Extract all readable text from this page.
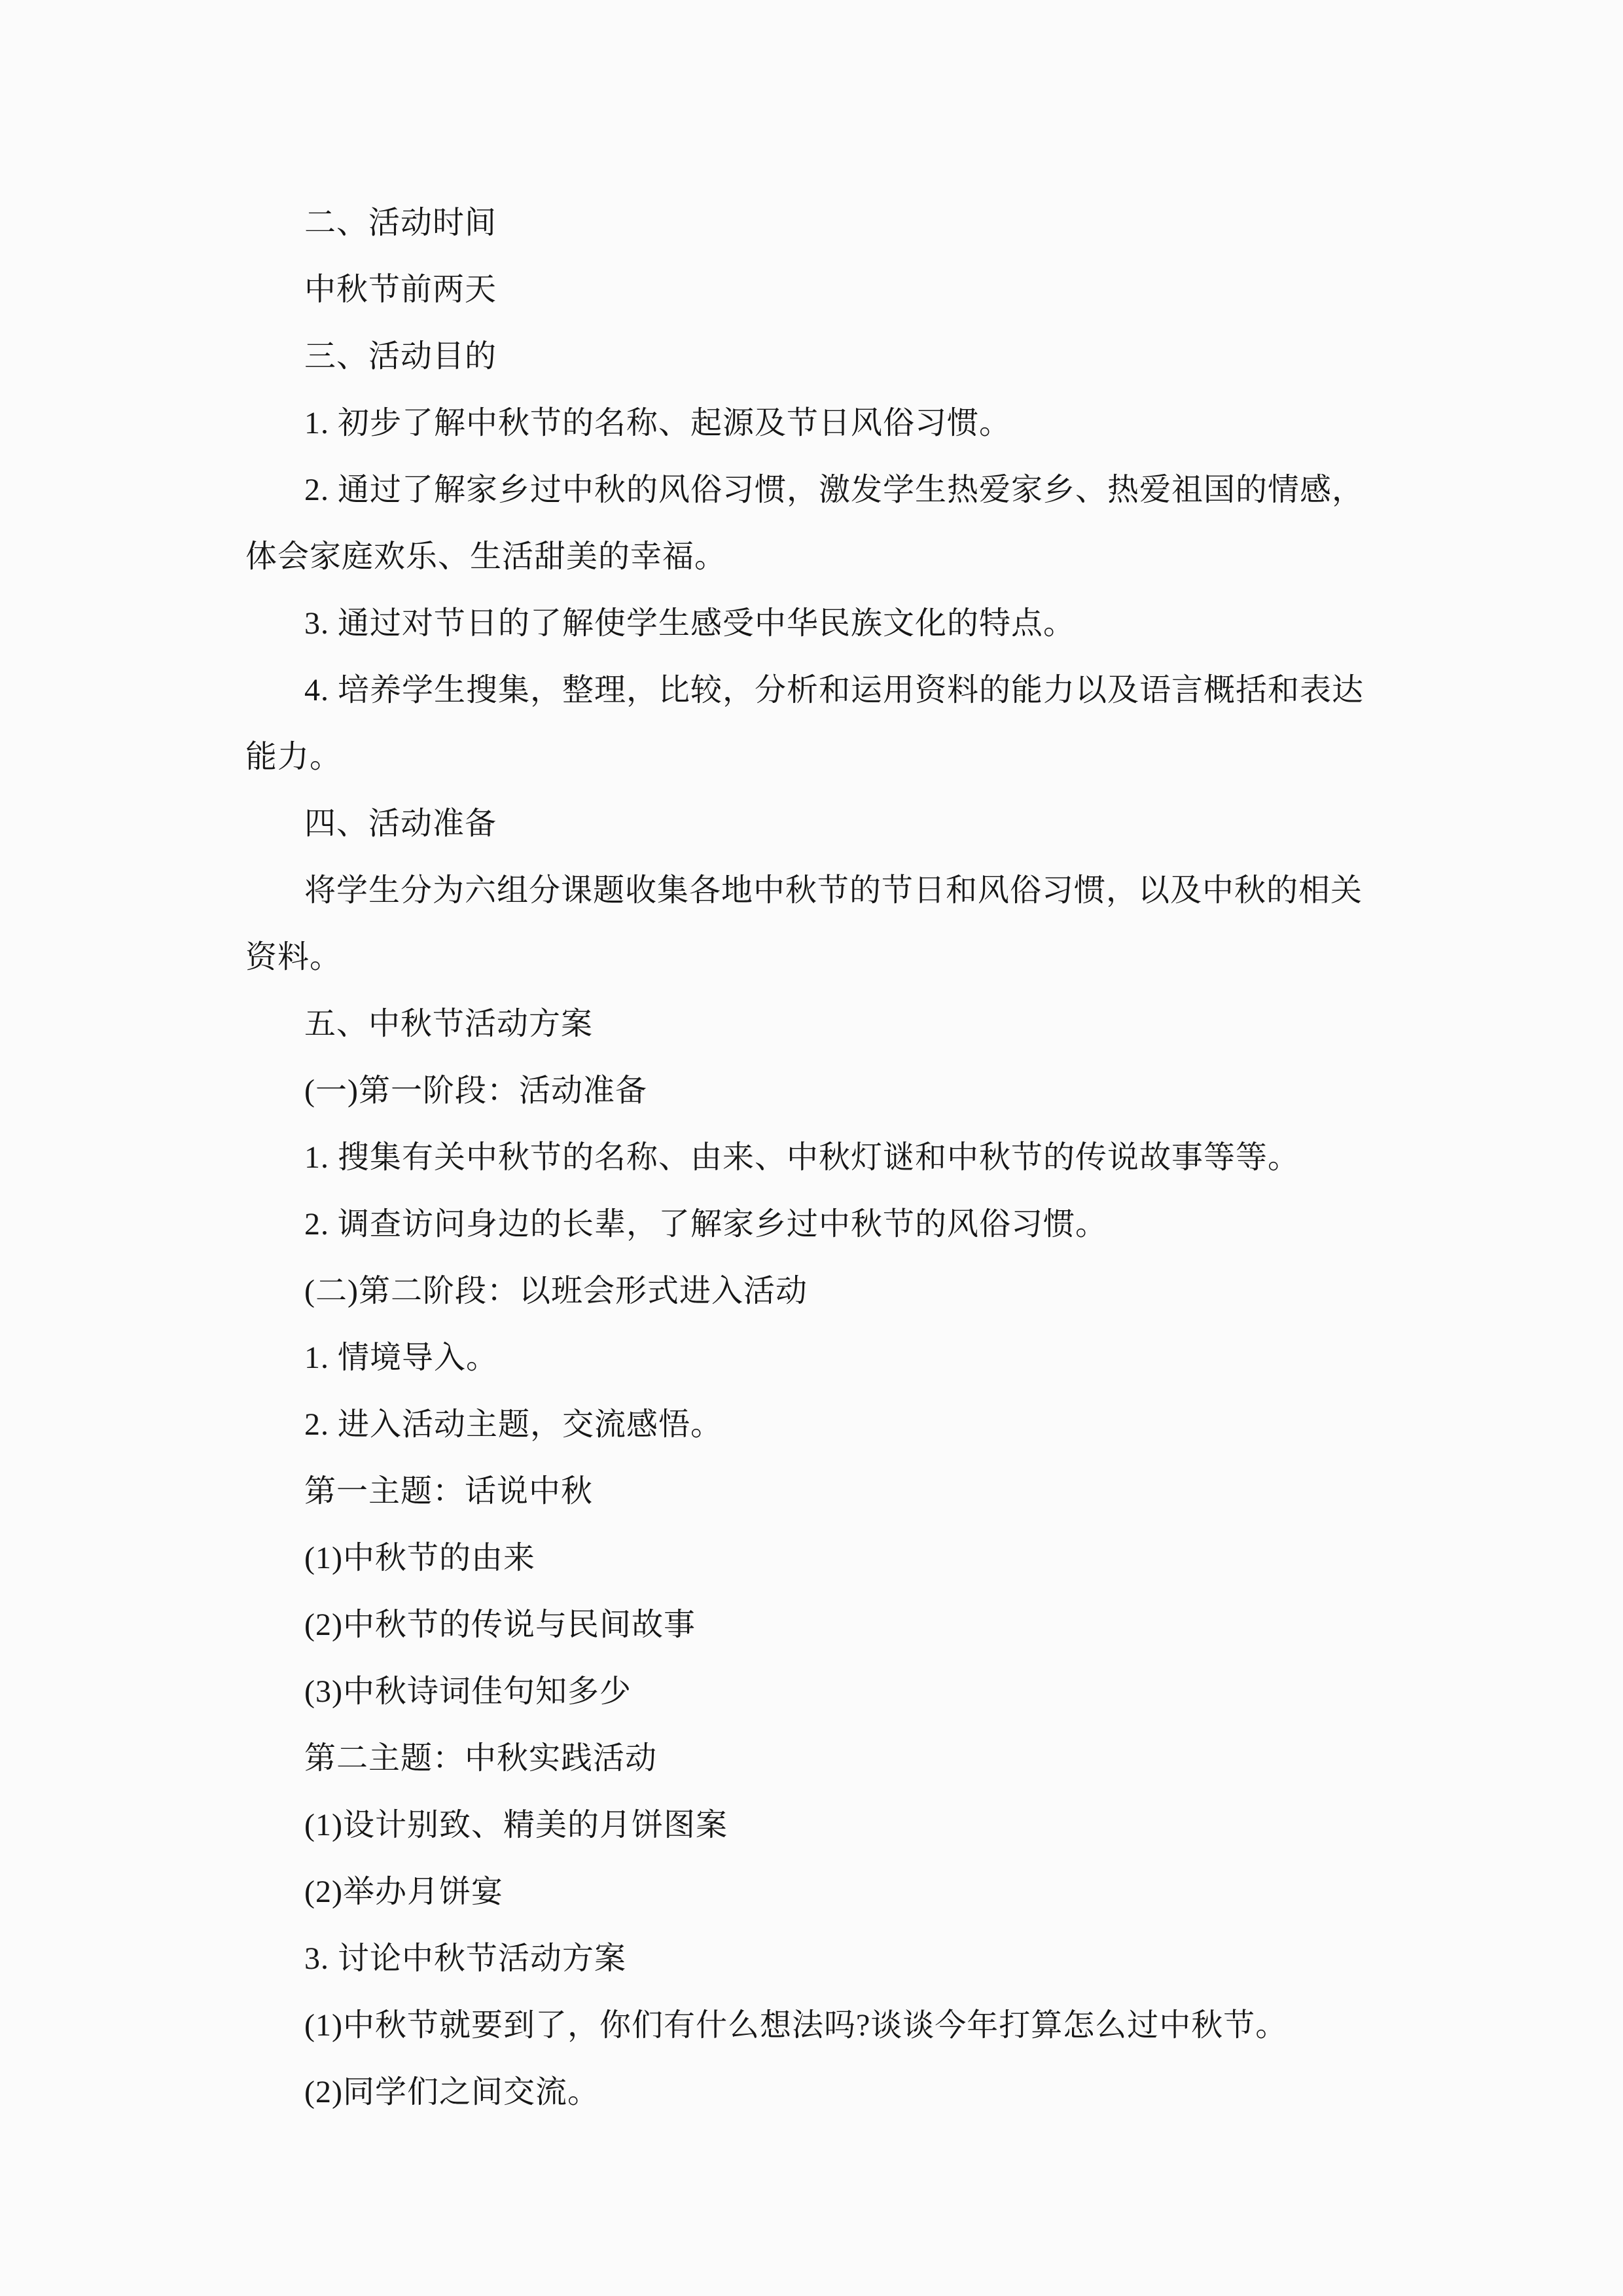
二、活动时间
中秋节前两天
三、活动目的
1. 初步了解中秋节的名称、起源及节日风俗习惯。
2. 通过了解家乡过中秋的风俗习惯，激发学生热爱家乡、热爱祖国的情感，
体会家庭欢乐、生活甜美的幸福。
3. 通过对节日的了解使学生感受中华民族文化的特点。
4. 培养学生搜集，整理，比较，分析和运用资料的能力以及语言概括和表达
能力。
四、活动准备
将学生分为六组分课题收集各地中秋节的节日和风俗习惯，以及中秋的相关
资料。
五、中秋节活动方案
(一)第一阶段：活动准备
1. 搜集有关中秋节的名称、由来、中秋灯谜和中秋节的传说故事等等。
2. 调查访问身边的长辈，了解家乡过中秋节的风俗习惯。
(二)第二阶段：以班会形式进入活动
1. 情境导入。
2. 进入活动主题，交流感悟。
第一主题：话说中秋
(1)中秋节的由来
(2)中秋节的传说与民间故事
(3)中秋诗词佳句知多少
第二主题：中秋实践活动
(1)设计别致、精美的月饼图案
(2)举办月饼宴
3. 讨论中秋节活动方案
(1)中秋节就要到了，你们有什么想法吗?谈谈今年打算怎么过中秋节。
(2)同学们之间交流。
